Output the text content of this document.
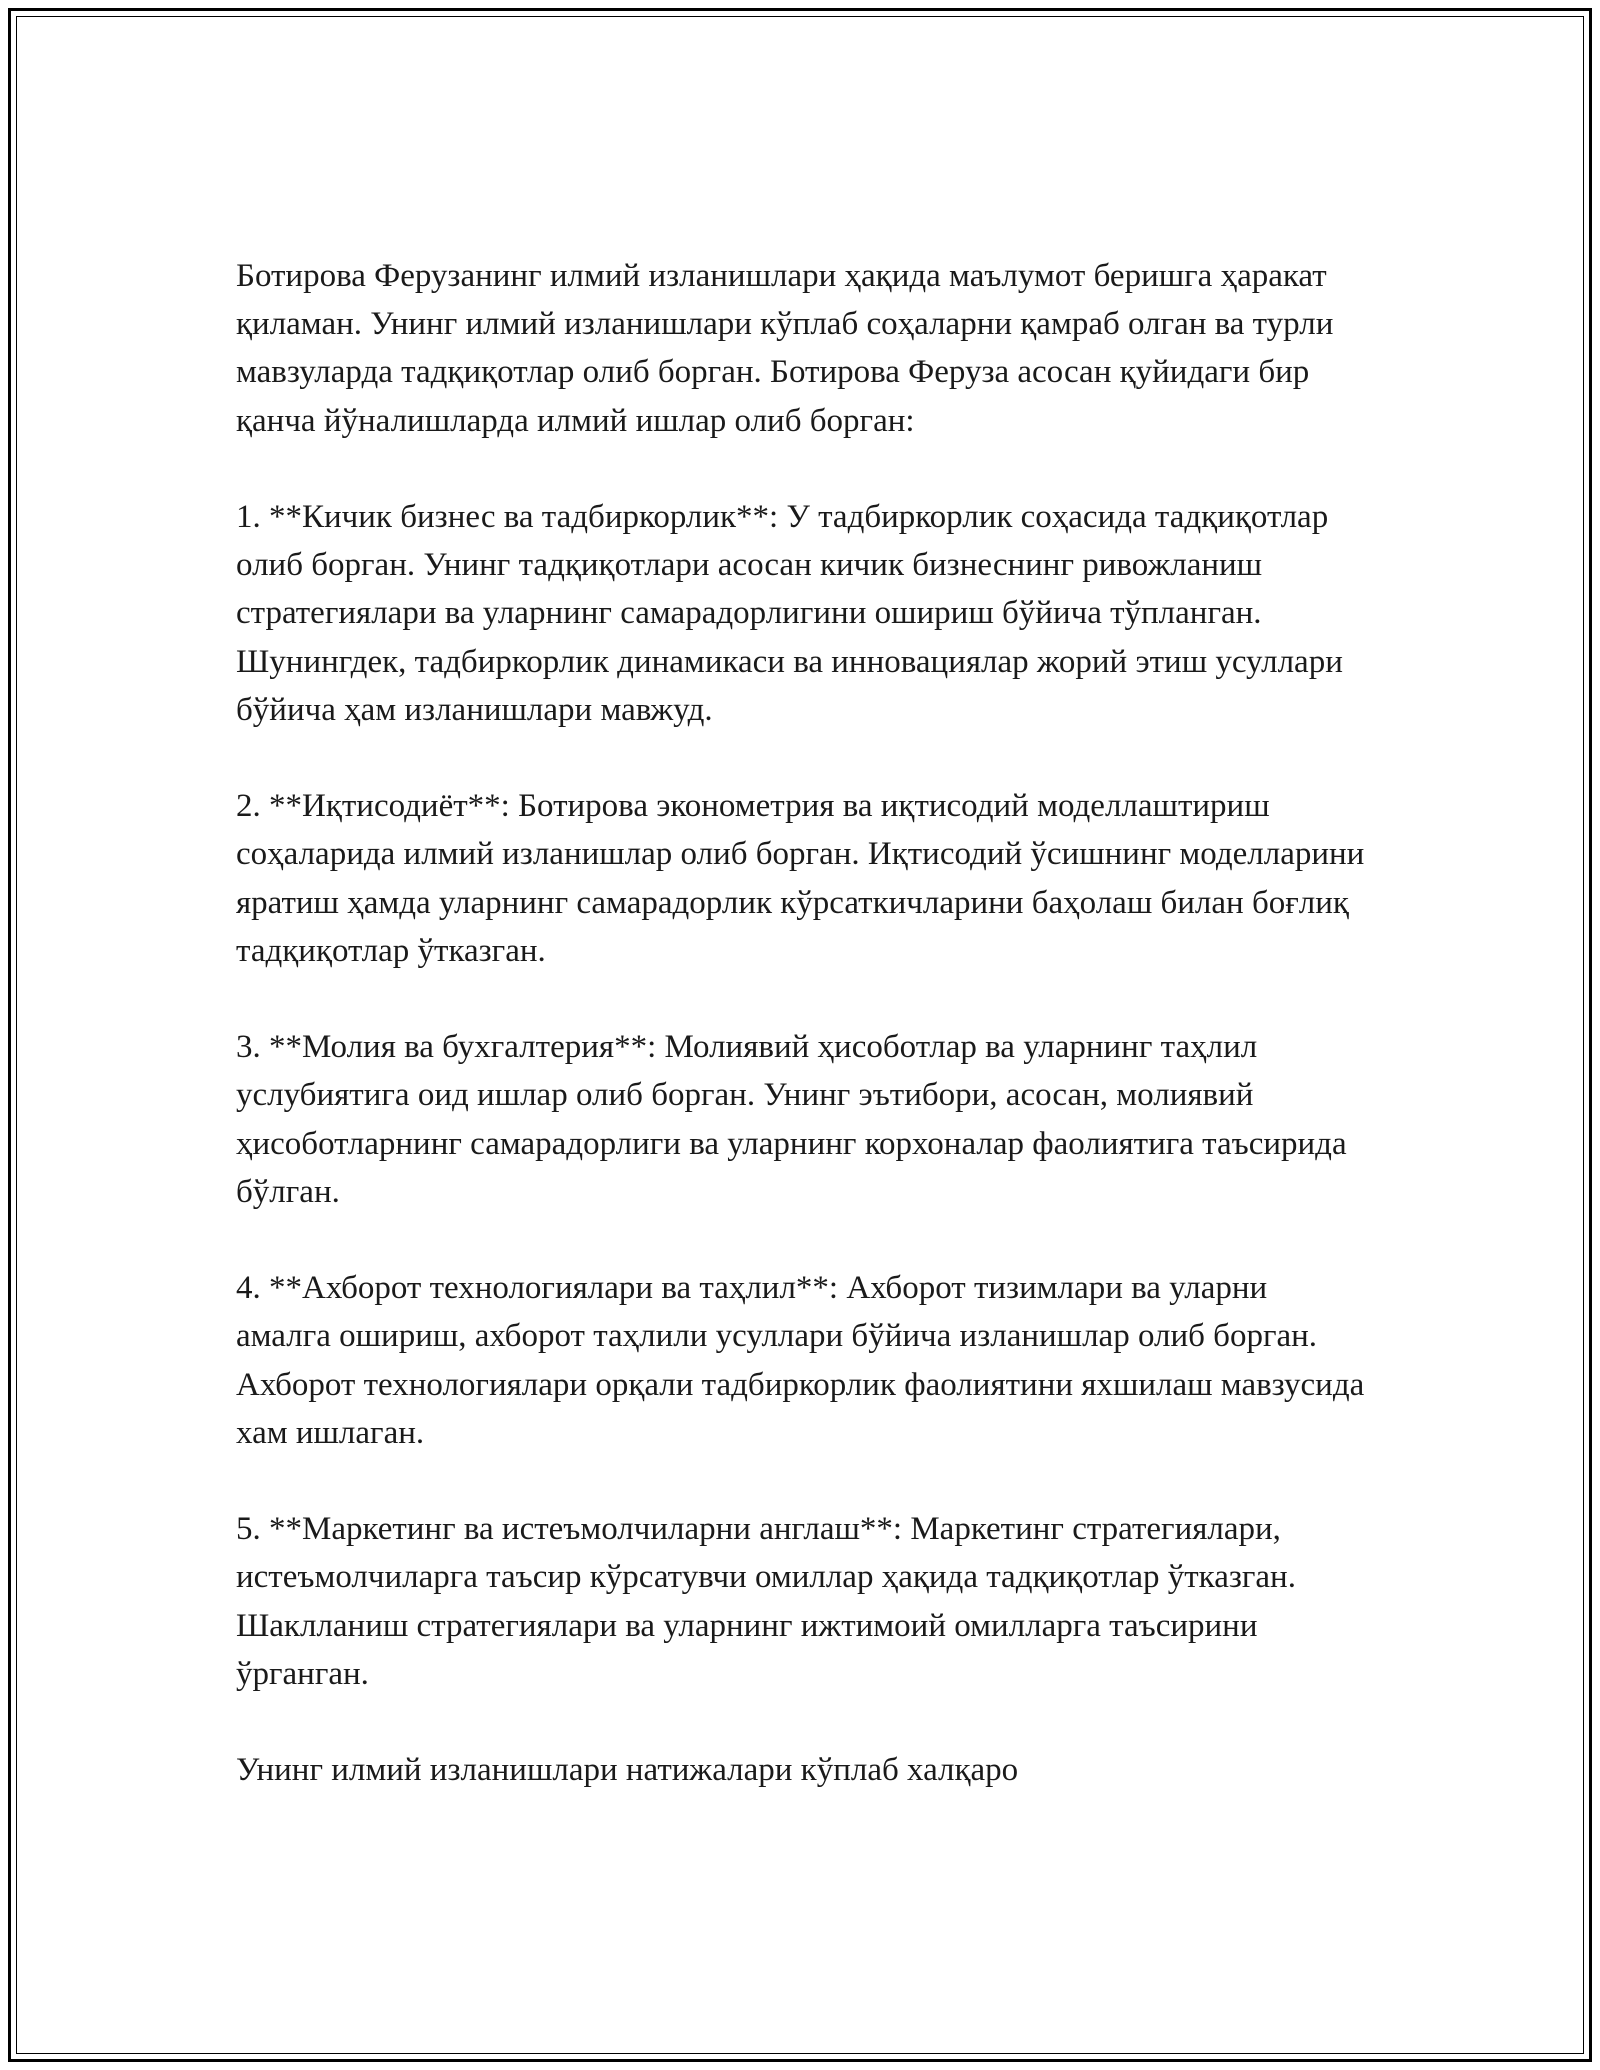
Ботирова Ферузанинг илмий изланишлари ҳақида маълумот беришга ҳаракат қиламан. Унинг илмий изланишлари кўплаб соҳаларни қамраб олган ва турли мавзуларда тадқиқотлар олиб борган. Ботирова Феруза асосан қуйидаги бир қанча йўналишларда илмий ишлар олиб борган:

1. **Кичик бизнес ва тадбиркорлик**: У тадбиркорлик соҳасида тадқиқотлар олиб борган. Унинг тадқиқотлари асосан кичик бизнеснинг ривожланиш стратегиялари ва уларнинг самарадорлигини ошириш бўйича тўпланган. Шунингдек, тадбиркорлик динамикаси ва инновациялар жорий этиш усуллари бўйича ҳам изланишлари мавжуд.

2. **Иқтисодиёт**: Ботирова эконометрия ва иқтисодий моделлаштириш соҳаларида илмий изланишлар олиб борган. Иқтисодий ўсишнинг моделларини яратиш ҳамда уларнинг самарадорлик кўрсаткичларини баҳолаш билан боғлиқ тадқиқотлар ўтказган.

3. **Молия ва бухгалтерия**: Молиявий ҳисоботлар ва уларнинг таҳлил услубиятига оид ишлар олиб борган. Унинг эътибори, асосан, молиявий ҳисоботларнинг самарадорлиги ва уларнинг корхоналар фаолиятига таъсирида бўлган.

4. **Ахборот технологиялари ва таҳлил**: Ахборот тизимлари ва уларни амалга ошириш, ахборот таҳлили усуллари бўйича изланишлар олиб борган. Ахборот технологиялари орқали тадбиркорлик фаолиятини яхшилаш мавзусида хам ишлаган.

5. **Маркетинг ва истеъмолчиларни англаш**: Маркетинг стратегиялари, истеъмолчиларга таъсир кўрсатувчи омиллар ҳақида тадқиқотлар ўтказган. Шаклланиш стратегиялари ва уларнинг ижтимоий омилларга таъсирини ўрганган.

Унинг илмий изланишлари натижалари кўплаб халқаро
